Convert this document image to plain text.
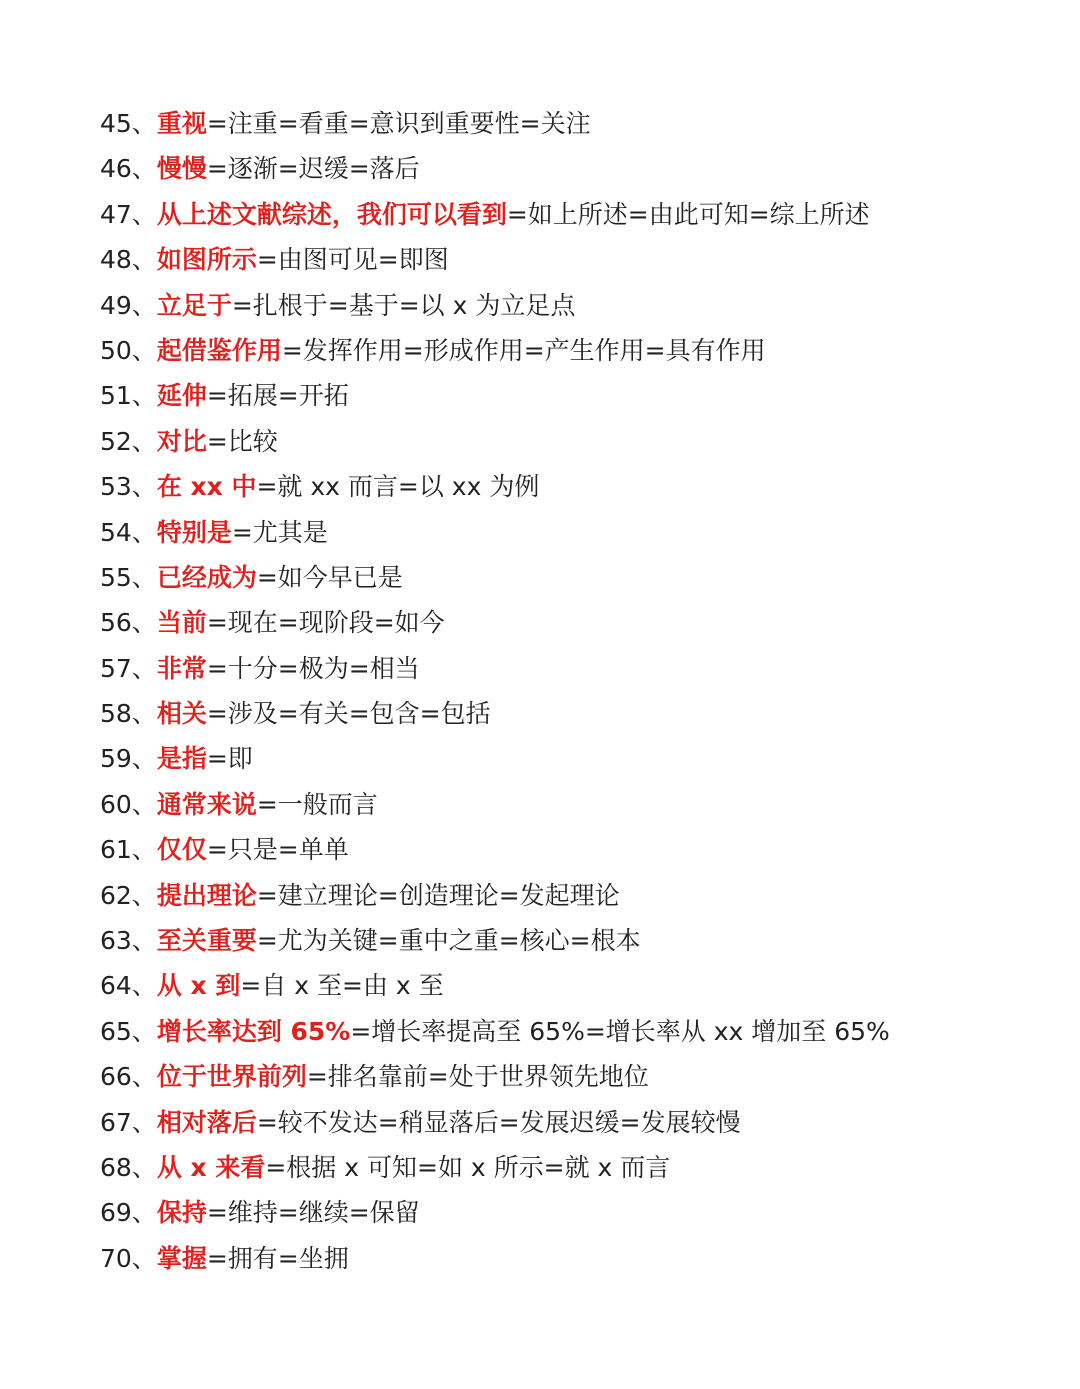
45、重视=注重=看重=意识到重要性=关注
46、慢慢=逐渐=迟缓=落后
47、从上述文献综述，我们可以看到=如上所述=由此可知=综上所述
48、如图所示=由图可见=即图
49、立足于=扎根于=基于=以 x 为立足点
50、起借鉴作用=发挥作用=形成作用=产生作用=具有作用
51、延伸=拓展=开拓
52、对比=比较
53、在 xx 中=就 xx 而言=以 xx 为例
54、特别是=尤其是
55、已经成为=如今早已是
56、当前=现在=现阶段=如今
57、非常=十分=极为=相当
58、相关=涉及=有关=包含=包括
59、是指=即
60、通常来说=一般而言
61、仅仅=只是=单单
62、提出理论=建立理论=创造理论=发起理论
63、至关重要=尤为关键=重中之重=核心=根本
64、从 x 到=自 x 至=由 x 至
65、增长率达到 65%=增长率提高至 65%=增长率从 xx 增加至 65%
66、位于世界前列=排名靠前=处于世界领先地位
67、相对落后=较不发达=稍显落后=发展迟缓=发展较慢
68、从 x 来看=根据 x 可知=如 x 所示=就 x 而言
69、保持=维持=继续=保留
70、掌握=拥有=坐拥
